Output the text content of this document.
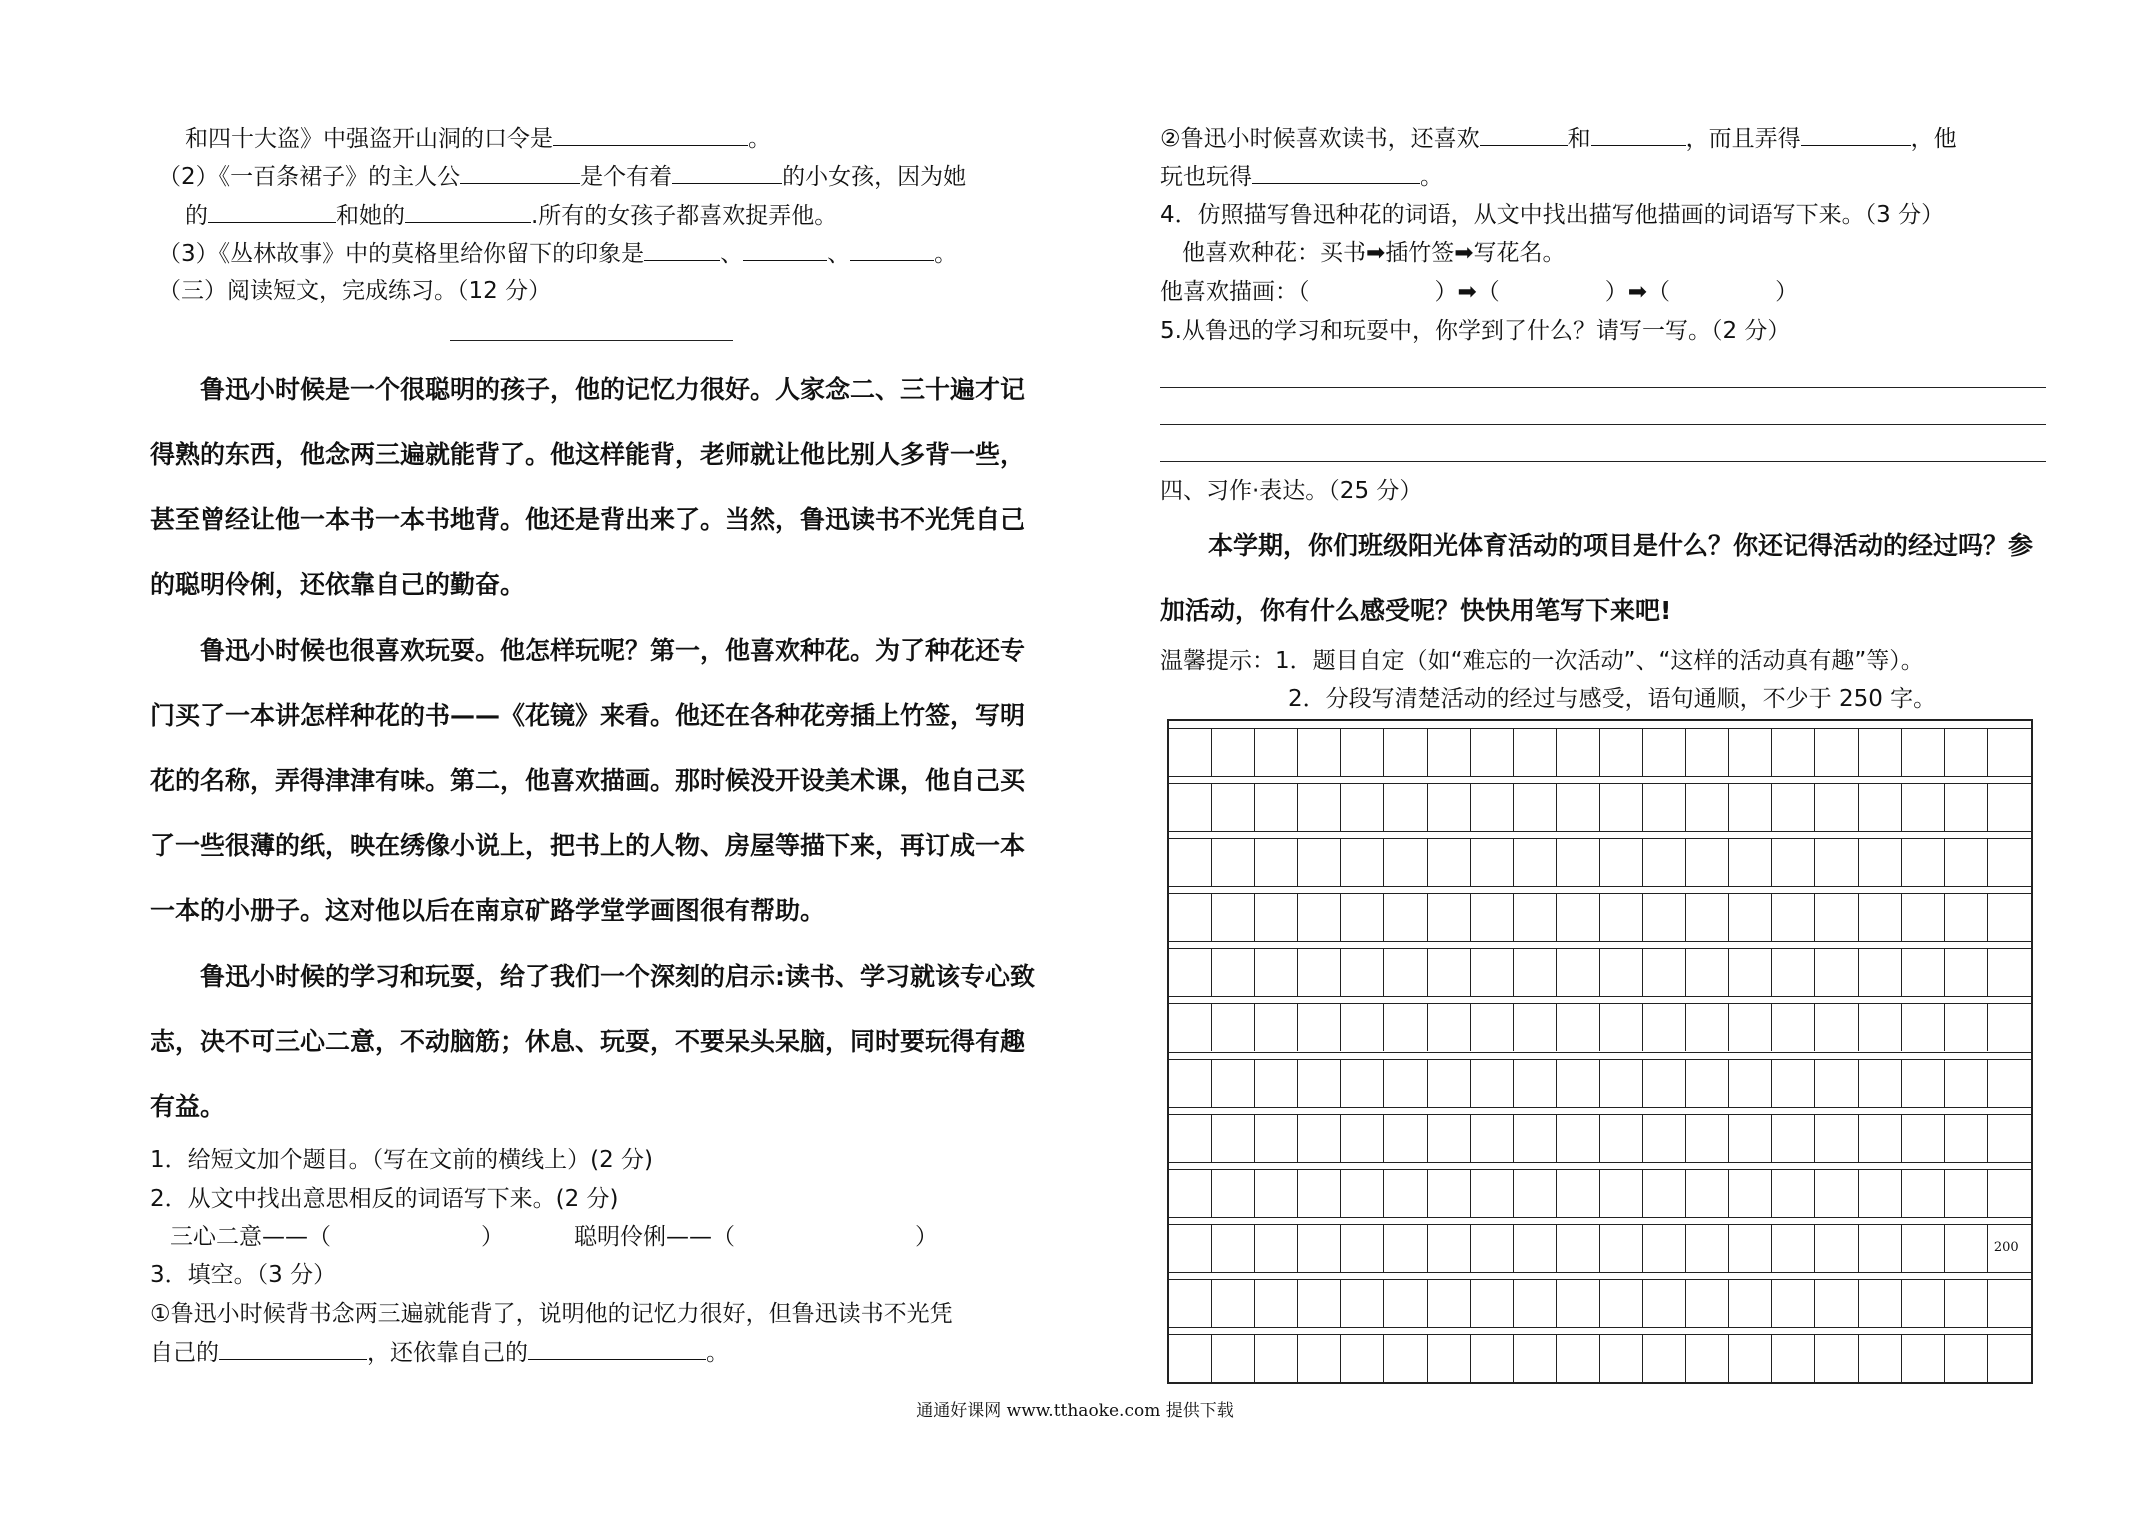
和四十大盗》中强盗开山洞的口令是	。
（2）《一百条裙子》的主人公	是个有着	的小女孩，因为她
的	和她的	.所有的女孩子都喜欢捉弄他。
（3）《丛林故事》中的莫格里给你留下的印象是	、	、	。
（三）阅读短文，完成练习。（12 分）
鲁迅小时候是一个很聪明的孩子，他的记忆力很好。人家念二、三十遍才记
得熟的东西，他念两三遍就能背了。他这样能背，老师就让他比别人多背一些，
甚至曾经让他一本书一本书地背。他还是背出来了。当然，鲁迅读书不光凭自己
的聪明伶俐，还依靠自己的勤奋。
鲁迅小时候也很喜欢玩耍。他怎样玩呢？第一，他喜欢种花。为了种花还专
门买了一本讲怎样种花的书——《花镜》来看。他还在各种花旁插上竹签，写明
花的名称，弄得津津有味。第二，他喜欢描画。那时候没开设美术课，他自己买
了一些很薄的纸，映在绣像小说上，把书上的人物、房屋等描下来，再订成一本
一本的小册子。这对他以后在南京矿路学堂学画图很有帮助。
鲁迅小时候的学习和玩耍，给了我们一个深刻的启示:读书、学习就该专心致
志，决不可三心二意，不动脑筋；休息、玩耍，不要呆头呆脑，同时要玩得有趣
有益。
1．给短文加个题目。（写在文前的横线上）(2 分)
2．从文中找出意思相反的词语写下来。(2 分)
三心二意——（	）	聪明伶俐——（	）
3．填空。（3 分）
①鲁迅小时候背书念两三遍就能背了，说明他的记忆力很好，但鲁迅读书不光凭
自己的	，还依靠自己的	。
②鲁迅小时候喜欢读书，还喜欢	和	，而且弄得	，他
玩也玩得	。
4．仿照描写鲁迅种花的词语，从文中找出描写他描画的词语写下来。（3 分）
他喜欢种花：买书➡插竹签➡写花名。
他喜欢描画：（	）➡（	）➡（	）
5.从鲁迅的学习和玩耍中，你学到了什么？请写一写。（2 分）
四、习作·表达。（25 分）
本学期，你们班级阳光体育活动的项目是什么？你还记得活动的经过吗？参
加活动，你有什么感受呢？快快用笔写下来吧!
温馨提示：1．题目自定（如“难忘的一次活动”、“这样的活动真有趣”等）。
2．分段写清楚活动的经过与感受，语句通顺，不少于 250 字。
200
通通好课网 www.tthaoke.com 提供下载
